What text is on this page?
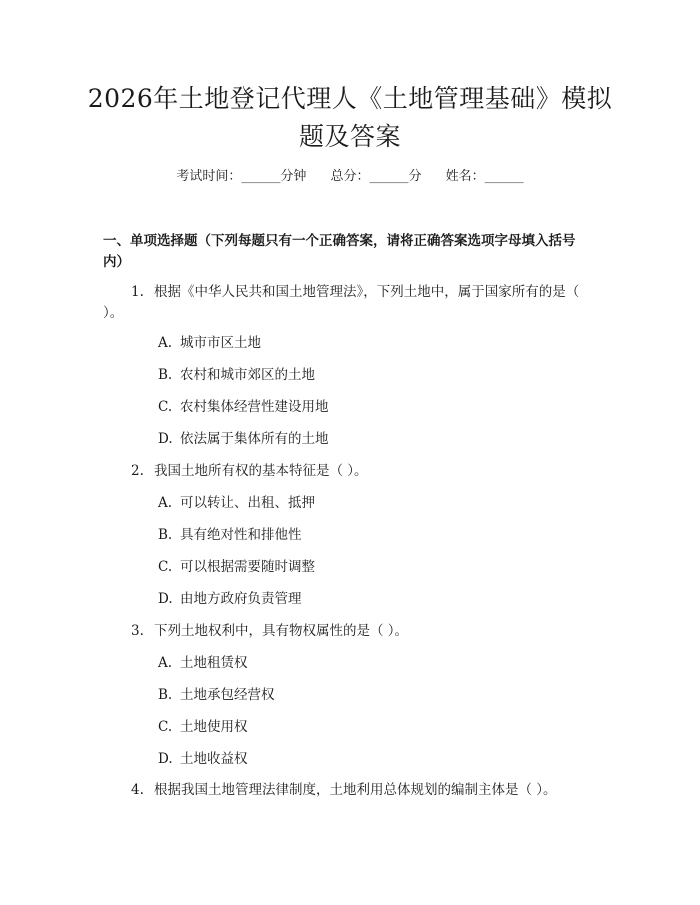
2026年土地登记代理人《土地管理基础》模拟题及答案
考试时间：______分钟 总分：______分 姓名：______
一、单项选择题（下列每题只有一个正确答案，请将正确答案选项字母填入括号内）
1. 根据《中华人民共和国土地管理法》，下列土地中，属于国家所有的是（ ）。
A. 城市市区土地
B. 农村和城市郊区的土地
C. 农村集体经营性建设用地
D. 依法属于集体所有的土地
2. 我国土地所有权的基本特征是（ ）。
A. 可以转让、出租、抵押
B. 具有绝对性和排他性
C. 可以根据需要随时调整
D. 由地方政府负责管理
3. 下列土地权利中，具有物权属性的是（ ）。
A. 土地租赁权
B. 土地承包经营权
C. 土地使用权
D. 土地收益权
4. 根据我国土地管理法律制度，土地利用总体规划的编制主体是（ ）。
